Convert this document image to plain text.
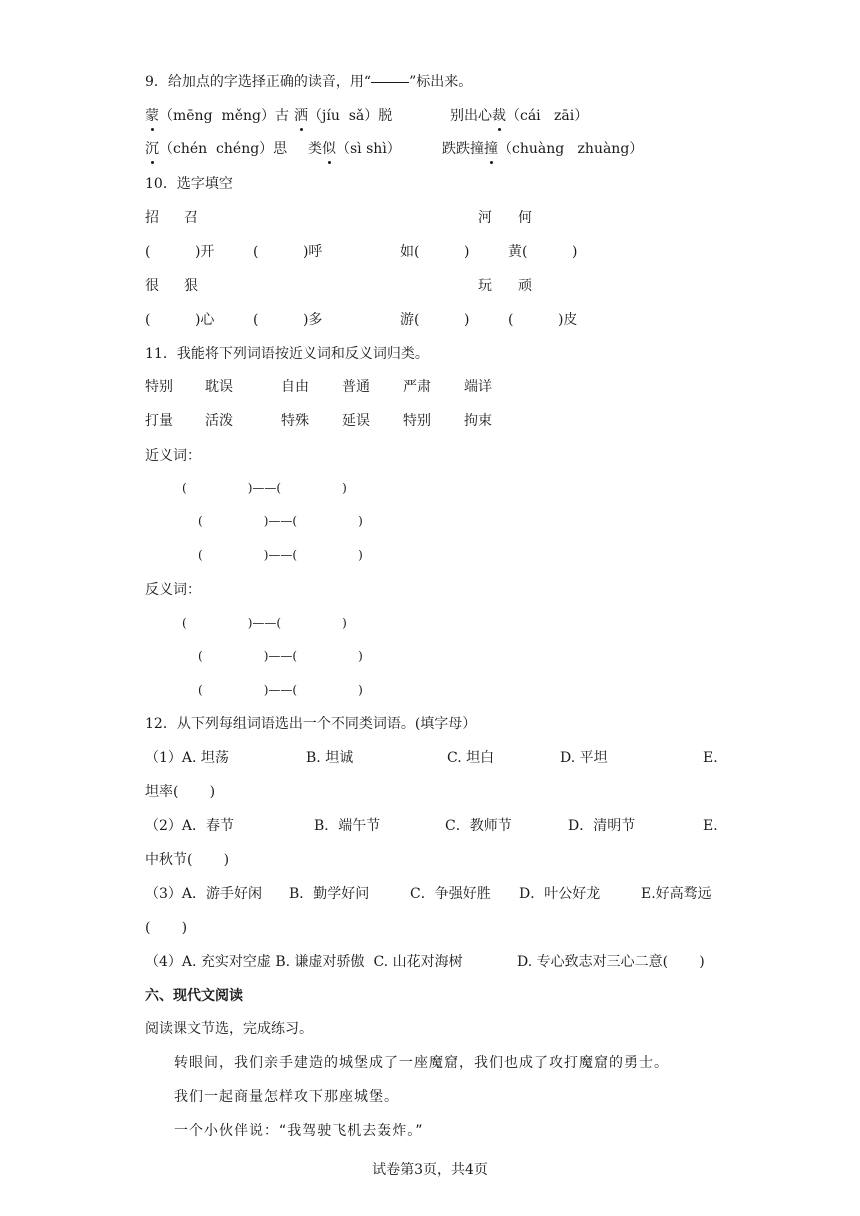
9．给加点的字选择正确的读音，用“	”标出来。
蒙（mēng  měng）古 洒（jíu  sǎ）脱	别出心裁（cái   zāi）
沉（chén  chéng）思 类似（sì shì）	跌跌撞撞（chuàng   zhuàng）
10．选字填空
招 召	河 何
(          )开	(          )呼	如(          )	黄(          )
很 狠	玩 顽
(          )心	(          )多	游(          )	(          )皮
11．我能将下列词语按近义词和反义词归类。
特别 耽误	自由 普通 严肃 端详
打量 活泼	特殊 延误 特别 拘束
近义词：
(                )——(                )
(                )——(                )
(                )——(                )
反义词：
(                )——(                )
(                )——(                )
(                )——(                )
12．从下列每组词语选出一个不同类词语。(填字母）
（1）A. 坦荡	B. 坦诚	C. 坦白	D. 平坦	E.
坦率(       )
（2）A．春节	B．端午节	C．教师节	D．清明节	E.
中秋节(       )
（3）A．游手好闲 B．勤学好问	C．争强好胜 D．叶公好龙	E.好高骛远
(       )
（4）A. 充实对空虚 B. 谦虚对骄傲  C. 山花对海树	D. 专心致志对三心二意(       )
六、现代文阅读
阅读课文节选，完成练习。
转眼间，我们亲手建造的城堡成了一座魔窟，我们也成了攻打魔窟的勇士。
我们一起商量怎样攻下那座城堡。
一个小伙伴说：“我驾驶飞机去轰炸。”
试卷第3页，共4页
